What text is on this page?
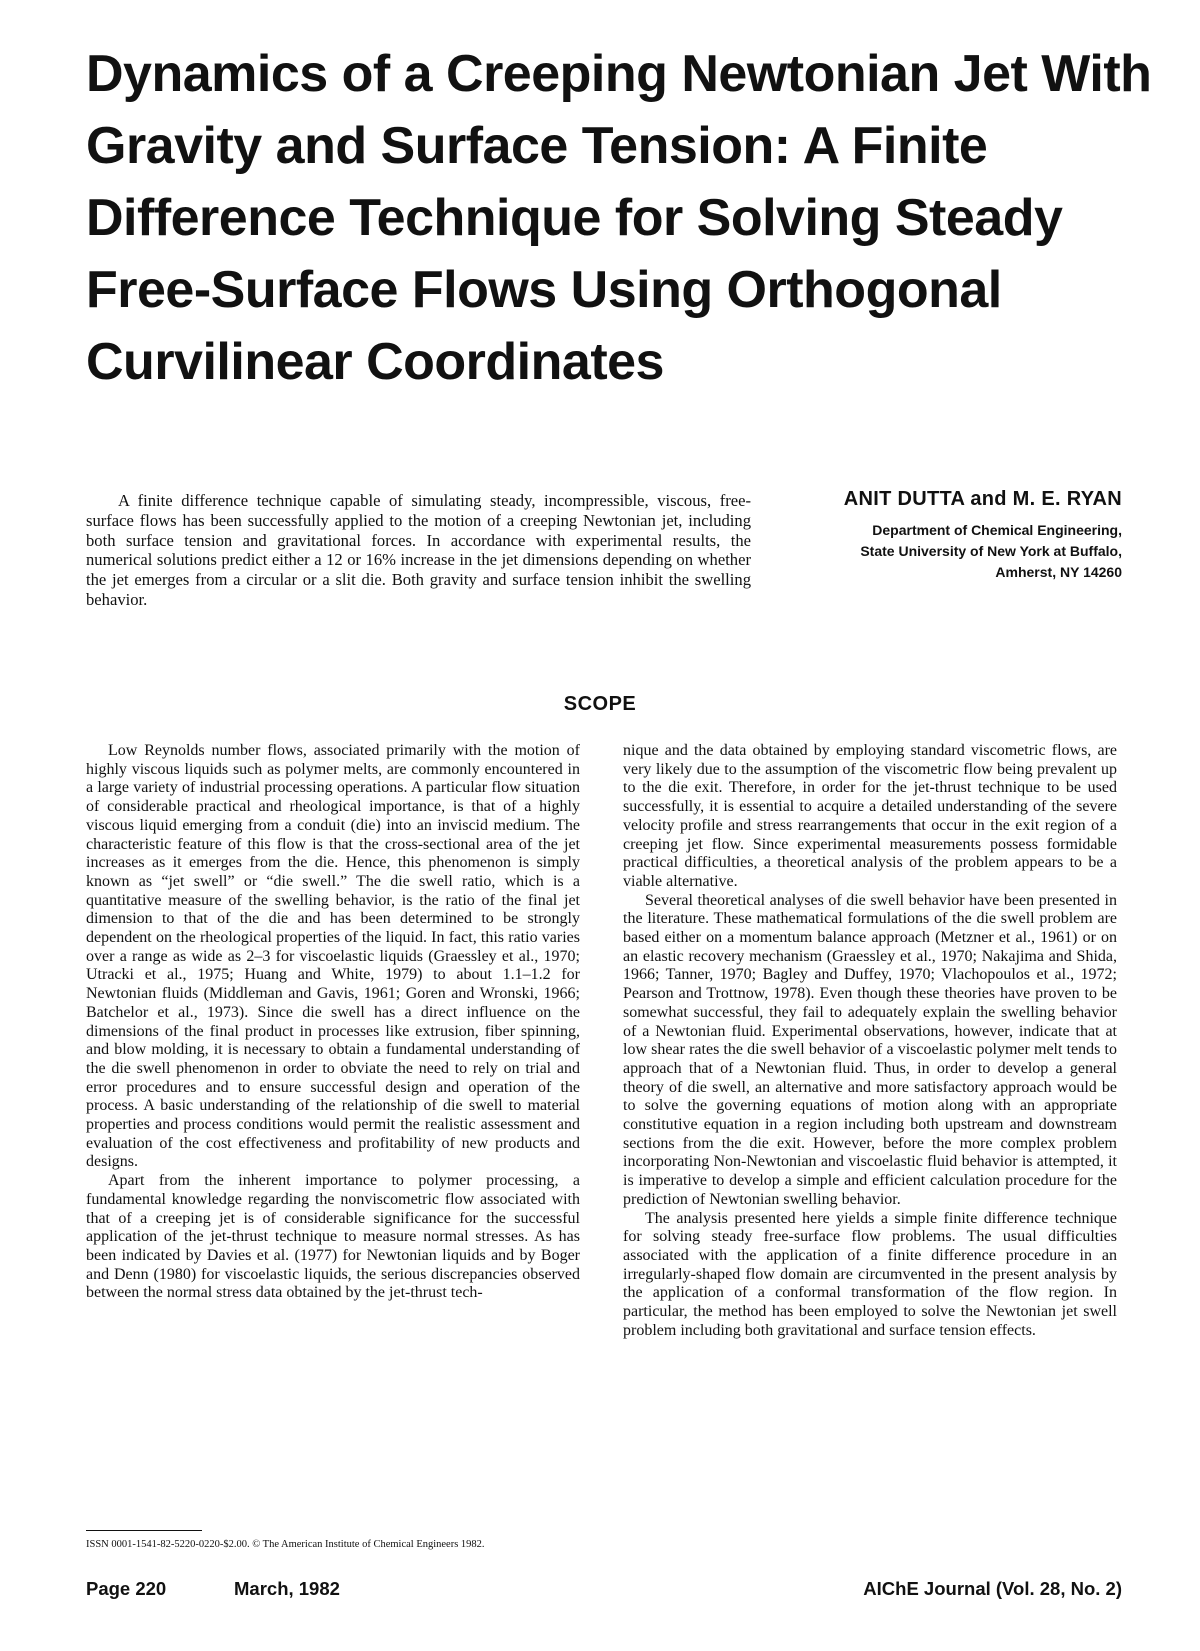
Dynamics of a Creeping Newtonian Jet With
Gravity and Surface Tension: A Finite
Difference Technique for Solving Steady
Free-Surface Flows Using Orthogonal
Curvilinear Coordinates

A finite difference technique capable of simulating steady, incompressible, viscous, free-surface flows has been successfully applied to the motion of a creeping Newtonian jet, including both surface tension and gravitational forces. In accordance with experimental results, the numerical solutions predict either a 12 or 16% increase in the jet dimensions depending on whether the jet emerges from a circular or a slit die. Both gravity and surface tension inhibit the swelling behavior.

ANIT DUTTA and M. E. RYAN
Department of Chemical Engineering,
State University of New York at Buffalo,
Amherst, NY 14260
SCOPE

Low Reynolds number flows, associated primarily with the motion of highly viscous liquids such as polymer melts, are commonly encountered in a large variety of industrial processing operations. A particular flow situation of considerable practical and rheological importance, is that of a highly viscous liquid emerging from a conduit (die) into an inviscid medium. The characteristic feature of this flow is that the cross-sectional area of the jet increases as it emerges from the die. Hence, this phenomenon is simply known as “jet swell” or “die swell.” The die swell ratio, which is a quantitative measure of the swelling behavior, is the ratio of the final jet dimension to that of the die and has been determined to be strongly dependent on the rheological properties of the liquid. In fact, this ratio varies over a range as wide as 2–3 for viscoelastic liquids (Graessley et al., 1970; Utracki et al., 1975; Huang and White, 1979) to about 1.1–1.2 for Newtonian fluids (Middleman and Gavis, 1961; Goren and Wronski, 1966; Batchelor et al., 1973). Since die swell has a direct influence on the dimensions of the final product in processes like extrusion, fiber spinning, and blow molding, it is necessary to obtain a fundamental understanding of the die swell phenomenon in order to obviate the need to rely on trial and error procedures and to ensure successful design and operation of the process. A basic understanding of the relationship of die swell to material properties and process conditions would permit the realistic assessment and evaluation of the cost effectiveness and profitability of new products and designs.

Apart from the inherent importance to polymer processing, a fundamental knowledge regarding the nonviscometric flow associated with that of a creeping jet is of considerable significance for the successful application of the jet-thrust technique to measure normal stresses. As has been indicated by Davies et al. (1977) for Newtonian liquids and by Boger and Denn (1980) for viscoelastic liquids, the serious discrepancies observed between the normal stress data obtained by the jet-thrust tech-

nique and the data obtained by employing standard viscometric flows, are very likely due to the assumption of the viscometric flow being prevalent up to the die exit. Therefore, in order for the jet-thrust technique to be used successfully, it is essential to acquire a detailed understanding of the severe velocity profile and stress rearrangements that occur in the exit region of a creeping jet flow. Since experimental measurements possess formidable practical difficulties, a theoretical analysis of the problem appears to be a viable alternative.

Several theoretical analyses of die swell behavior have been presented in the literature. These mathematical formulations of the die swell problem are based either on a momentum balance approach (Metzner et al., 1961) or on an elastic recovery mechanism (Graessley et al., 1970; Nakajima and Shida, 1966; Tanner, 1970; Bagley and Duffey, 1970; Vlachopoulos et al., 1972; Pearson and Trottnow, 1978). Even though these theories have proven to be somewhat successful, they fail to adequately explain the swelling behavior of a Newtonian fluid. Experimental observations, however, indicate that at low shear rates the die swell behavior of a viscoelastic polymer melt tends to approach that of a Newtonian fluid. Thus, in order to develop a general theory of die swell, an alternative and more satisfactory approach would be to solve the governing equations of motion along with an appropriate constitutive equation in a region including both upstream and downstream sections from the die exit. However, before the more complex problem incorporating Non-Newtonian and viscoelastic fluid behavior is attempted, it is imperative to develop a simple and efficient calculation procedure for the prediction of Newtonian swelling behavior.

The analysis presented here yields a simple finite difference technique for solving steady free-surface flow problems. The usual difficulties associated with the application of a finite difference procedure in an irregularly-shaped flow domain are circumvented in the present analysis by the application of a conformal transformation of the flow region. In particular, the method has been employed to solve the Newtonian jet swell problem including both gravitational and surface tension effects.

ISSN 0001-1541-82-5220-0220-$2.00. © The American Institute of Chemical Engineers 1982.

Page 220	March, 1982	AIChE Journal (Vol. 28, No. 2)
